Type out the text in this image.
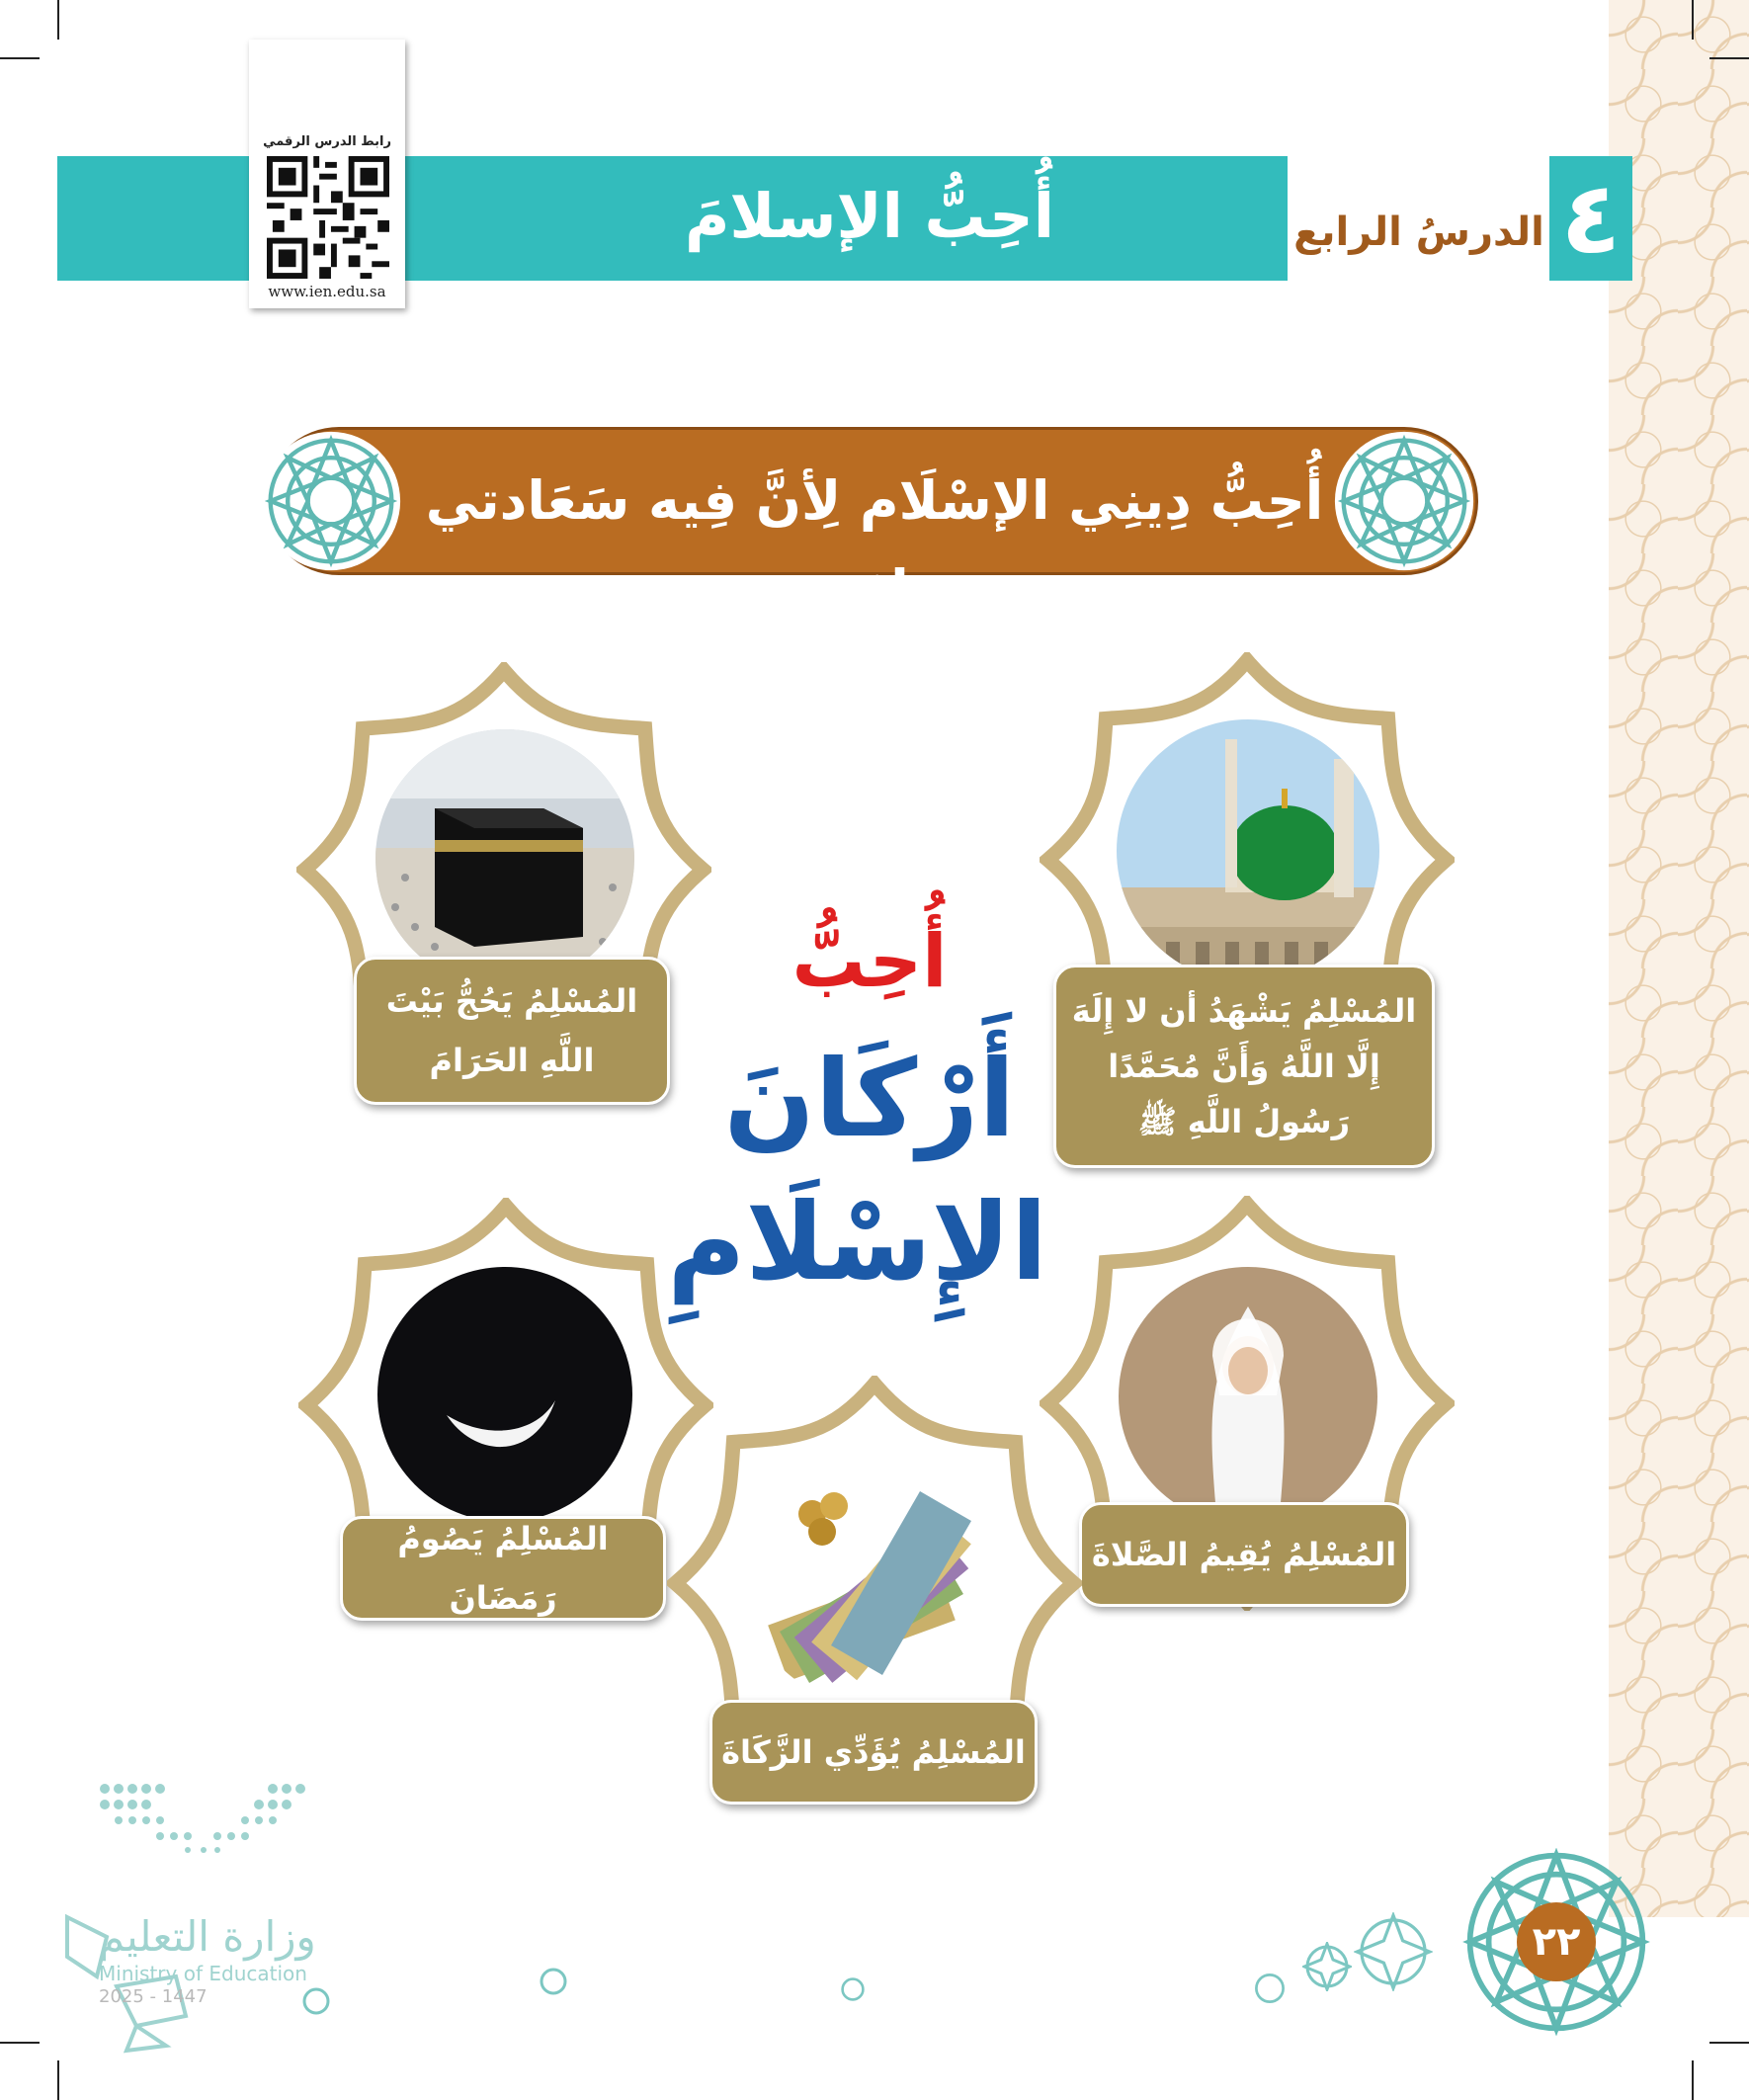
أُحِبُّ الإسلامَ	الدرسُ الرابع ٤
رابط الدرس الرقمي
www.ien.edu.sa
أُحِبُّ دِينِي الإسْلَام لِأنَّ فِيه سَعَادتي وَراحَتي
المُسْلِمُ يَشْهَدُ أن لا إِلَهَ
إِلَّا اللَّهُ وَأَنَّ مُحَمَّدًا
رَسُولُ اللَّهِ ﷺ
المُسْلِمُ يَحُجُّ بَيْتَ
اللَّهِ الحَرَامَ
أُحِبُّ
أَرْكَانَ
الإِسْلَامِ
المُسْلِمُ يُقِيمُ الصَّلاةَ
المُسْلِمُ يَصُومُ رَمَضَانَ
المُسْلِمُ يُؤَدِّي الزَّكَاةَ
وزارة التعليم
Ministry of Education
2025 - 1447
٢٢
